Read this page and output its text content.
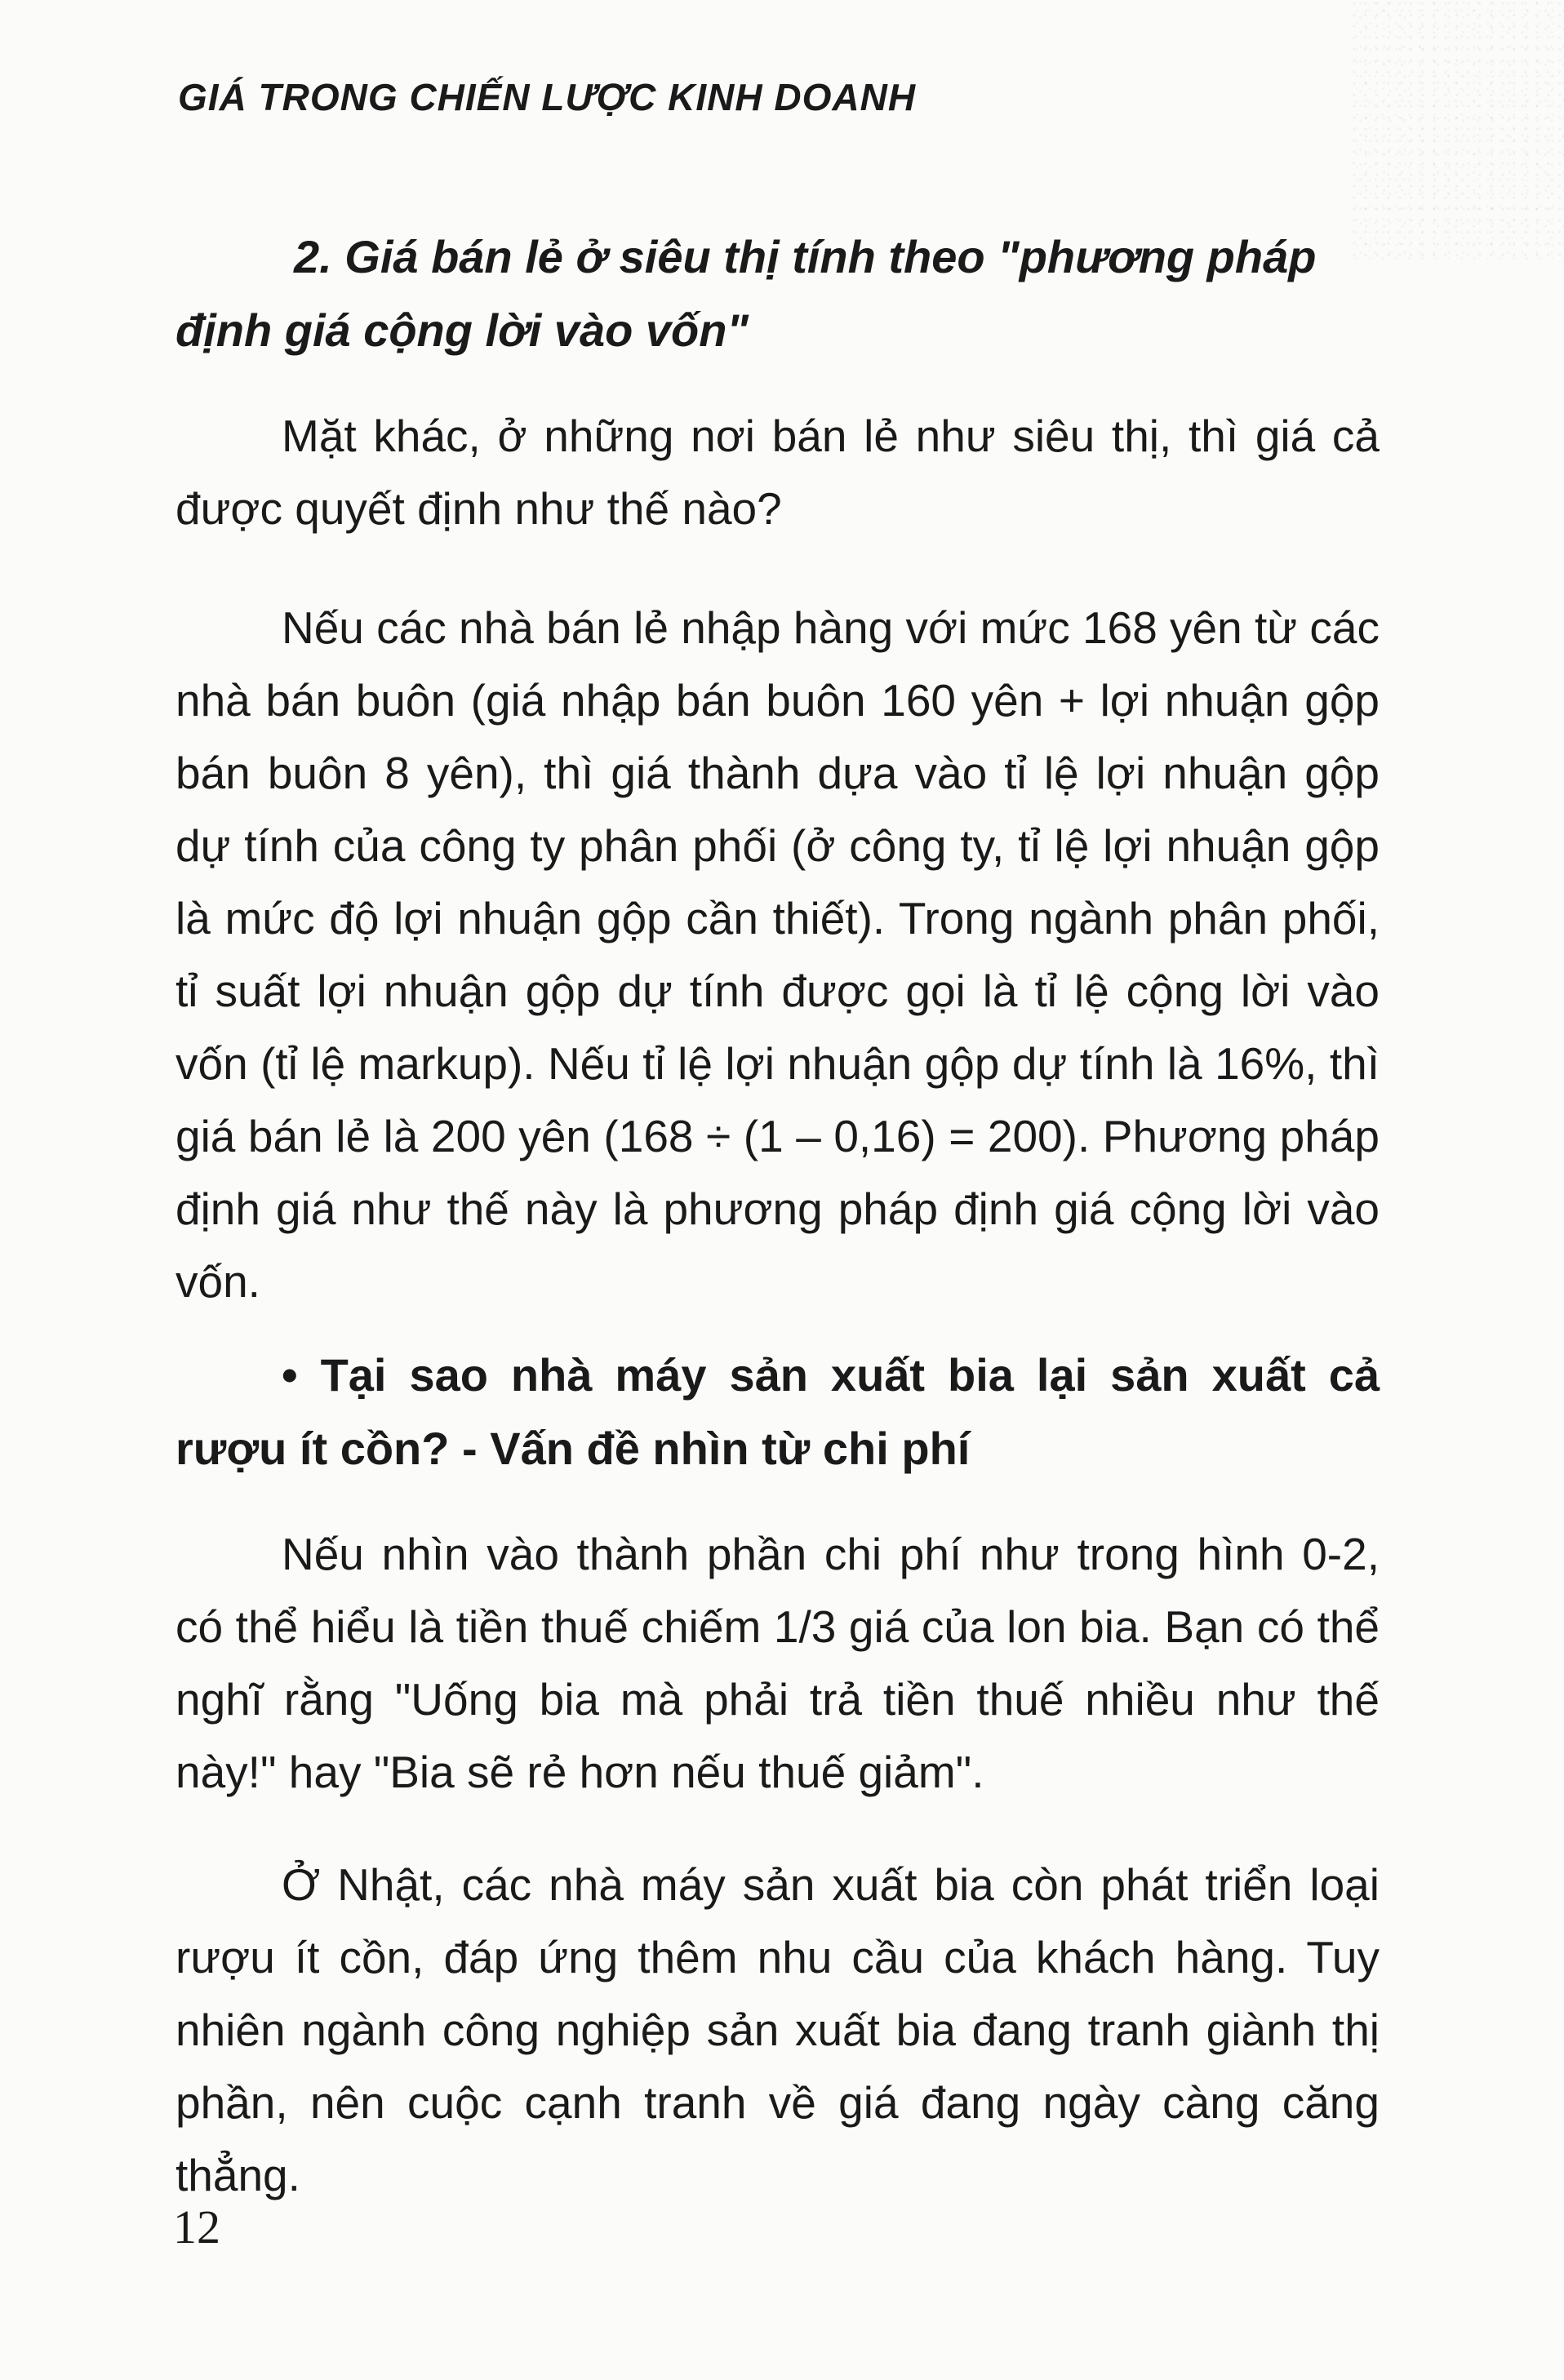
GIÁ TRONG CHIẾN LƯỢC KINH DOANH

2. Giá bán lẻ ở siêu thị tính theo "phương pháp định giá cộng lời vào vốn"

Mặt khác, ở những nơi bán lẻ như siêu thị, thì giá cả được quyết định như thế nào?

Nếu các nhà bán lẻ nhập hàng với mức 168 yên từ các nhà bán buôn (giá nhập bán buôn 160 yên + lợi nhuận gộp bán buôn 8 yên), thì giá thành dựa vào tỉ lệ lợi nhuận gộp dự tính của công ty phân phối (ở công ty, tỉ lệ lợi nhuận gộp là mức độ lợi nhuận gộp cần thiết). Trong ngành phân phối, tỉ suất lợi nhuận gộp dự tính được gọi là tỉ lệ cộng lời vào vốn (tỉ lệ markup). Nếu tỉ lệ lợi nhuận gộp dự tính là 16%, thì giá bán lẻ là 200 yên (168 ÷ (1 – 0,16) = 200). Phương pháp định giá như thế này là phương pháp định giá cộng lời vào vốn.

• Tại sao nhà máy sản xuất bia lại sản xuất cả rượu ít cồn? - Vấn đề nhìn từ chi phí

Nếu nhìn vào thành phần chi phí như trong hình 0-2, có thể hiểu là tiền thuế chiếm 1/3 giá của lon bia. Bạn có thể nghĩ rằng "Uống bia mà phải trả tiền thuế nhiều như thế này!" hay "Bia sẽ rẻ hơn nếu thuế giảm".

Ở Nhật, các nhà máy sản xuất bia còn phát triển loại rượu ít cồn, đáp ứng thêm nhu cầu của khách hàng. Tuy nhiên ngành công nghiệp sản xuất bia đang tranh giành thị phần, nên cuộc cạnh tranh về giá đang ngày càng căng thẳng.

12
